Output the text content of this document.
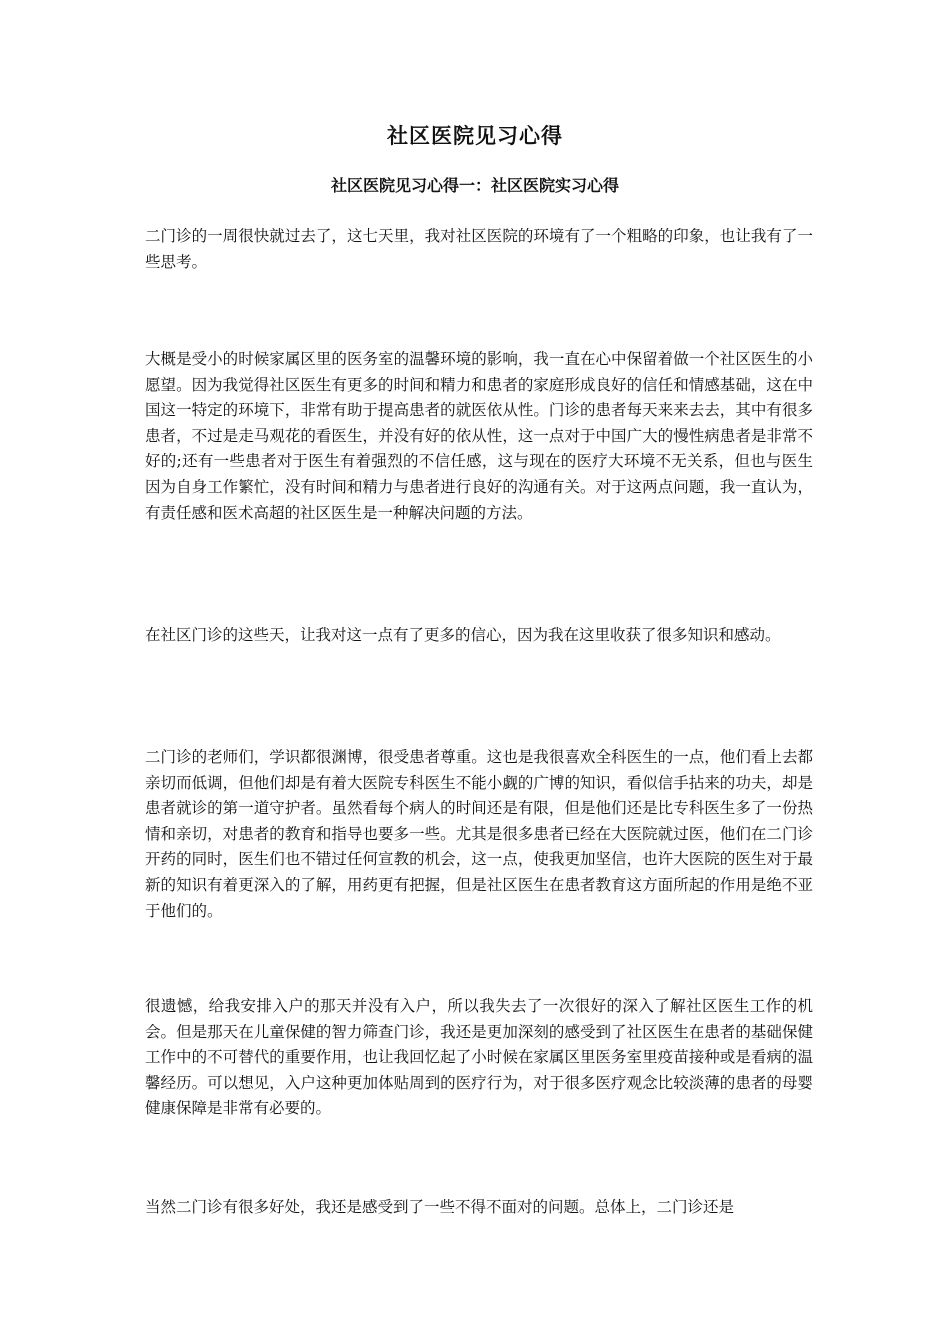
社区医院见习心得
社区医院见习心得一：社区医院实习心得

二门诊的一周很快就过去了，这七天里，我对社区医院的环境有了一个粗略的印象，也让我有了一些思考。

大概是受小的时候家属区里的医务室的温馨环境的影响，我一直在心中保留着做一个社区医生的小愿望。因为我觉得社区医生有更多的时间和精力和患者的家庭形成良好的信任和情感基础，这在中国这一特定的环境下，非常有助于提高患者的就医依从性。门诊的患者每天来来去去，其中有很多患者，不过是走马观花的看医生，并没有好的依从性，这一点对于中国广大的慢性病患者是非常不好的;还有一些患者对于医生有着强烈的不信任感，这与现在的医疗大环境不无关系，但也与医生因为自身工作繁忙，没有时间和精力与患者进行良好的沟通有关。对于这两点问题，我一直认为，有责任感和医术高超的社区医生是一种解决问题的方法。

在社区门诊的这些天，让我对这一点有了更多的信心，因为我在这里收获了很多知识和感动。

二门诊的老师们，学识都很渊博，很受患者尊重。这也是我很喜欢全科医生的一点，他们看上去都亲切而低调，但他们却是有着大医院专科医生不能小觑的广博的知识，看似信手拈来的功夫，却是患者就诊的第一道守护者。虽然看每个病人的时间还是有限，但是他们还是比专科医生多了一份热情和亲切，对患者的教育和指导也要多一些。尤其是很多患者已经在大医院就过医，他们在二门诊开药的同时，医生们也不错过任何宣教的机会，这一点，使我更加坚信，也许大医院的医生对于最新的知识有着更深入的了解，用药更有把握，但是社区医生在患者教育这方面所起的作用是绝不亚于他们的。

很遗憾，给我安排入户的那天并没有入户，所以我失去了一次很好的深入了解社区医生工作的机会。但是那天在儿童保健的智力筛查门诊，我还是更加深刻的感受到了社区医生在患者的基础保健工作中的不可替代的重要作用，也让我回忆起了小时候在家属区里医务室里疫苗接种或是看病的温馨经历。可以想见，入户这种更加体贴周到的医疗行为，对于很多医疗观念比较淡薄的患者的母婴健康保障是非常有必要的。

当然二门诊有很多好处，我还是感受到了一些不得不面对的问题。总体上，二门诊还是
